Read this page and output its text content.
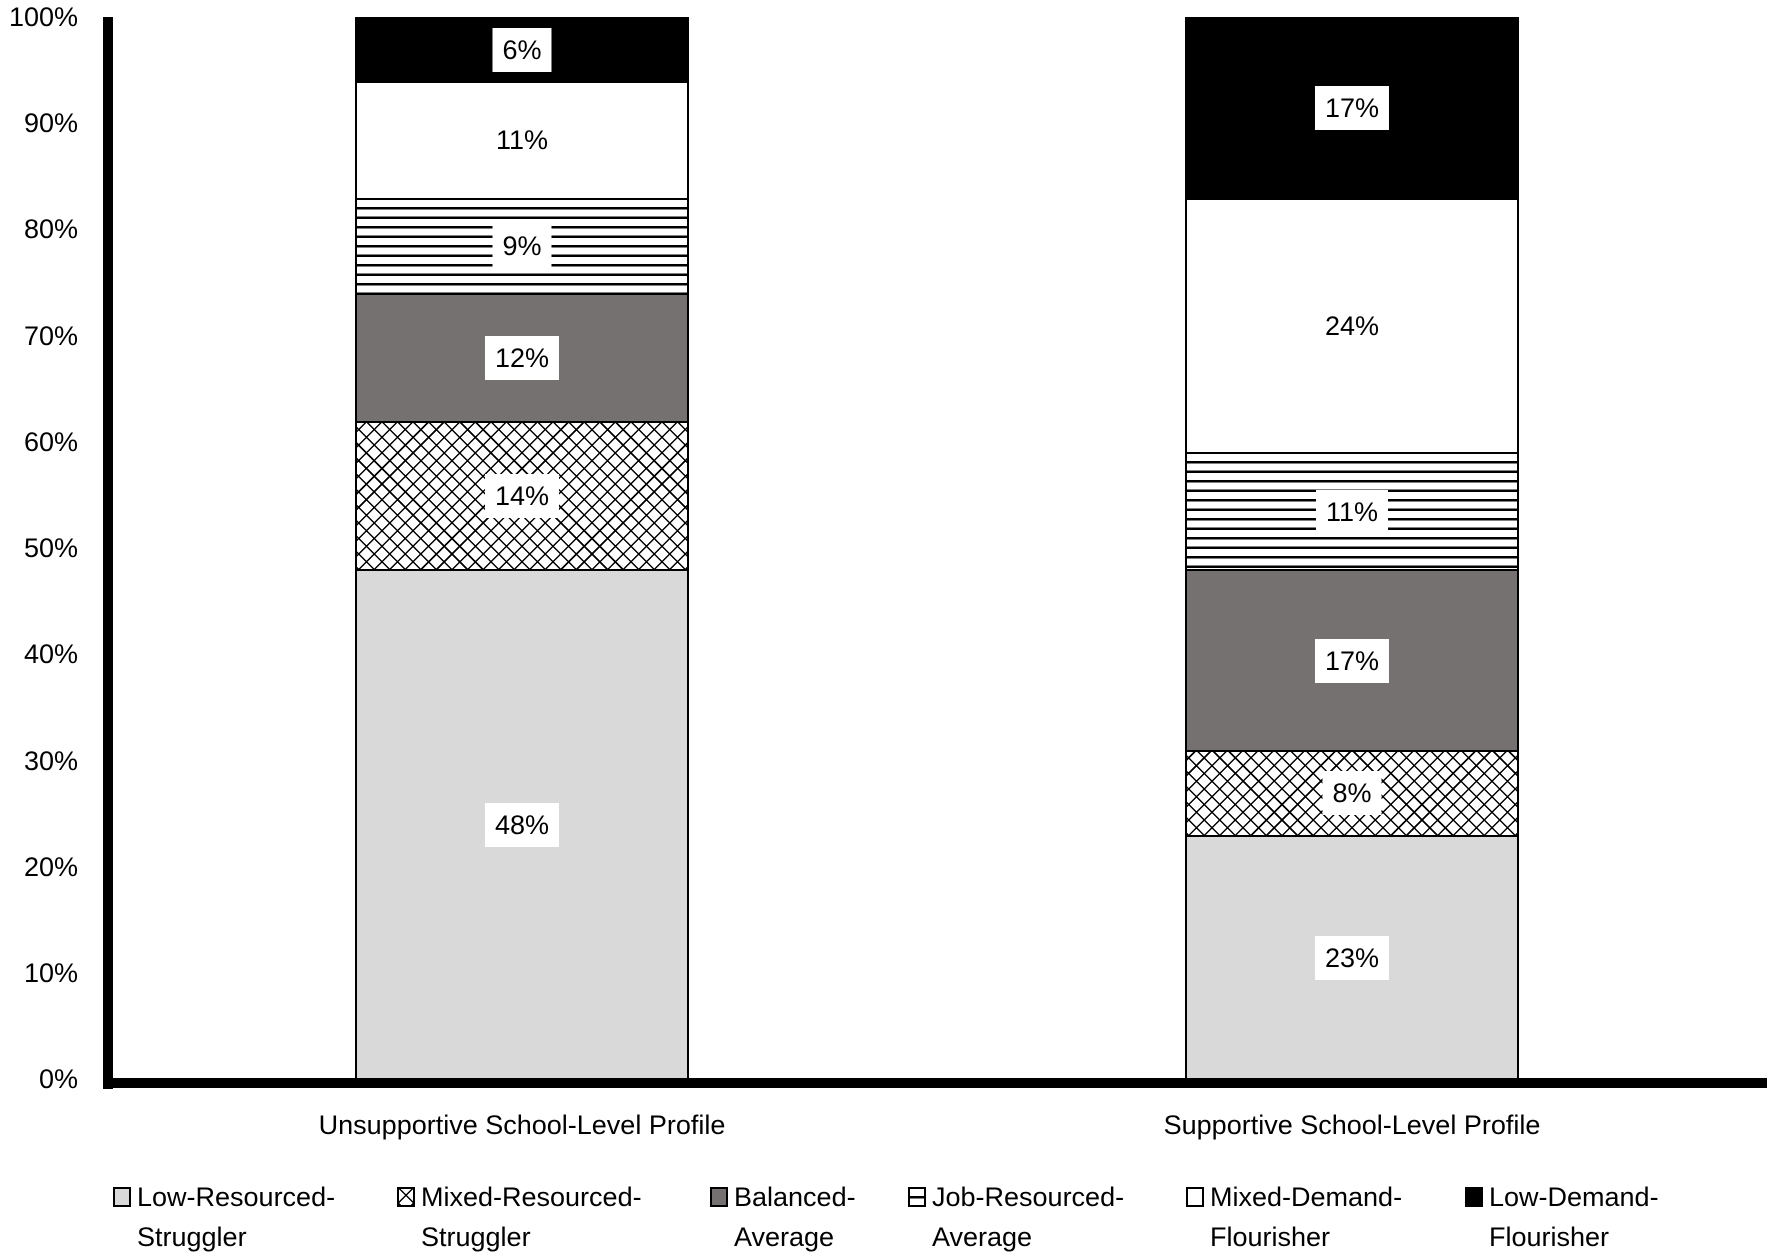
0%
10%
20%
30%
40%
50%
60%
70%
80%
90%
100%
48%
14%
12%
9%
11%
6%
23%
8%
17%
11%
24%
17%
Unsupportive School-Level Profile	Supportive School-Level Profile
Low-Resourced-
Struggler
Mixed-Resourced-
Struggler
Balanced-
Average
Job-Resourced-
Average
Mixed-Demand-
Flourisher
Low-Demand-
Flourisher
